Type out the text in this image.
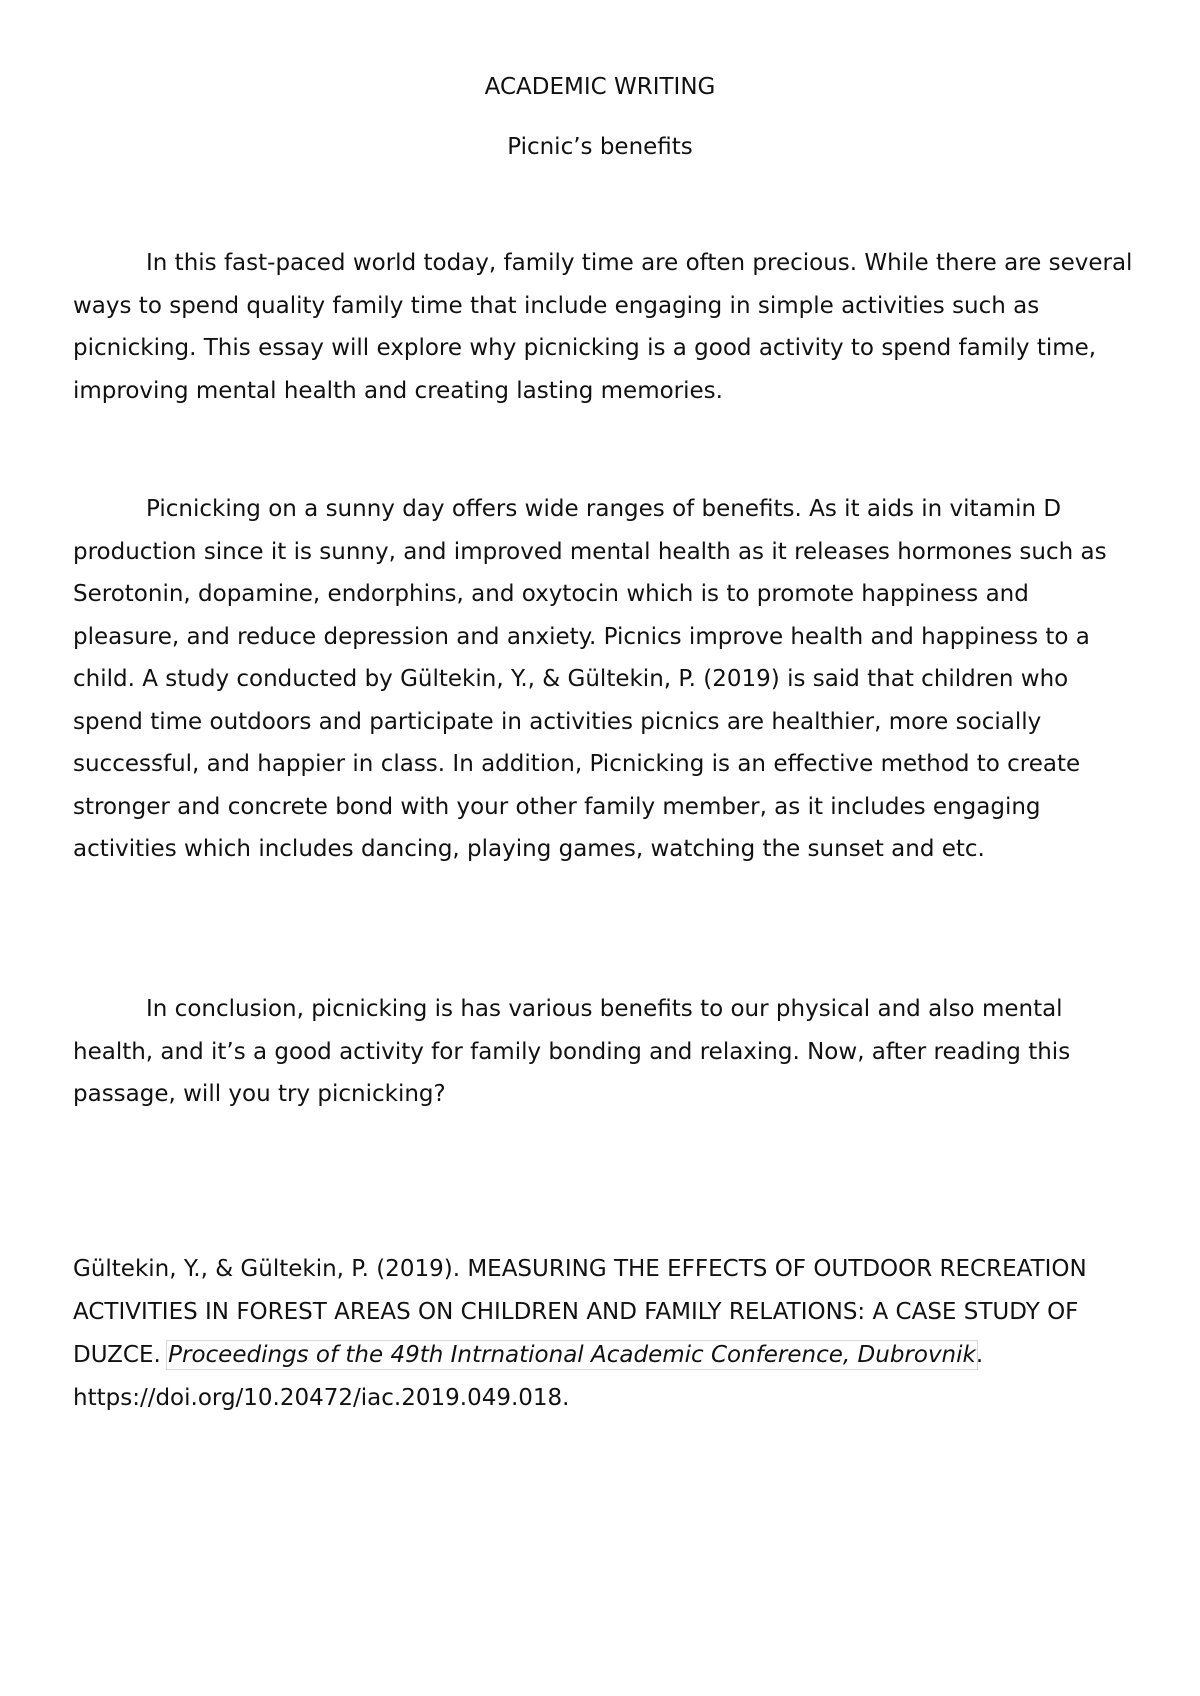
ACADEMIC WRITING
Picnic’s benefits

In this fast-paced world today, family time are often precious. While there are several ways to spend quality family time that include engaging in simple activities such as picnicking. This essay will explore why picnicking is a good activity to spend family time, improving mental health and creating lasting memories.

Picnicking on a sunny day offers wide ranges of benefits. As it aids in vitamin D production since it is sunny, and improved mental health as it releases hormones such as Serotonin, dopamine, endorphins, and oxytocin which is to promote happiness and pleasure, and reduce depression and anxiety. Picnics improve health and happiness to a child. A study conducted by Gültekin, Y., & Gültekin, P. (2019) is said that children who spend time outdoors and participate in activities picnics are healthier, more socially successful, and happier in class. In addition, Picnicking is an effective method to create stronger and concrete bond with your other family member, as it includes engaging activities which includes dancing, playing games, watching the sunset and etc.

In conclusion, picnicking is has various benefits to our physical and also mental health, and it’s a good activity for family bonding and relaxing. Now, after reading this passage, will you try picnicking?

Gültekin, Y., & Gültekin, P. (2019). MEASURING THE EFFECTS OF OUTDOOR RECREATION ACTIVITIES IN FOREST AREAS ON CHILDREN AND FAMILY RELATIONS: A CASE STUDY OF DUZCE. Proceedings of the 49th Intrnational Academic Conference, Dubrovnik. https://doi.org/10.20472/iac.2019.049.018.
